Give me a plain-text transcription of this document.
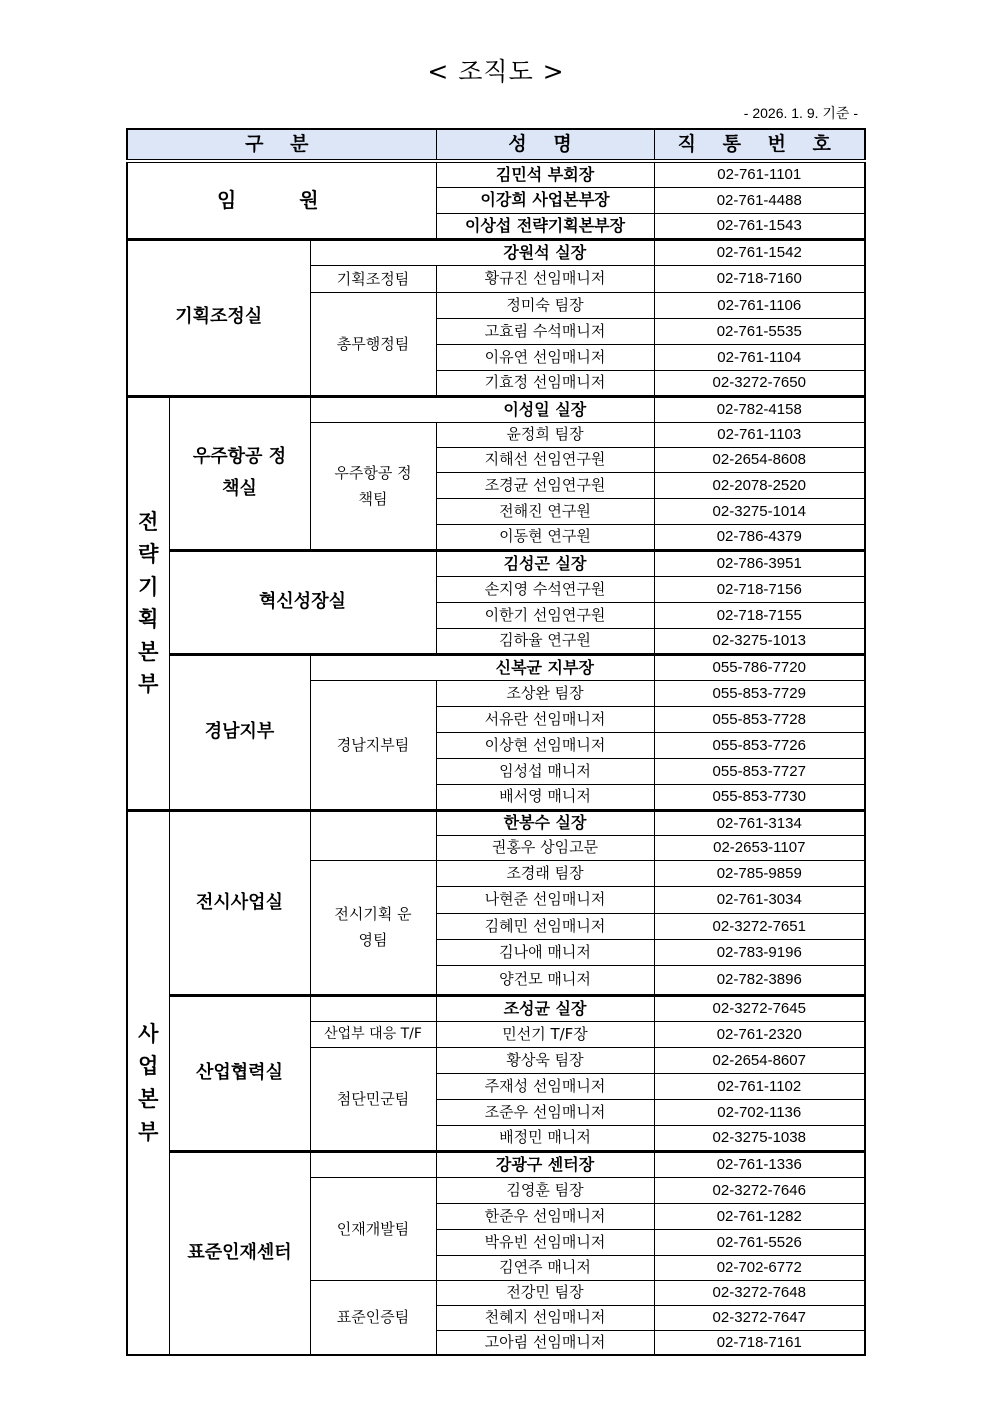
< 조직도 >
- 2026. 1. 9. 기준 -
구 분			성 명	직 통 번 호
임 원			김민석 부회장	02-761-1101
			이강희 사업본부장	02-761-4488
			이상섭 전략기획본부장	02-761-1543
기획조정실			강원석 실장	02-761-1542
		기획조정팀	황규진 선임매니저	02-718-7160
		총무행정팀	정미숙 팀장	02-761-1106
			고효림 수석매니저	02-761-5535
			이유연 선임매니저	02-761-1104
			기효정 선임매니저	02-3272-7650
전략기획본부	우주항공 정책실		이성일 실장	02-782-4158
		우주항공 정책팀	윤정희 팀장	02-761-1103
			지해선 선임연구원	02-2654-8608
			조경균 선임연구원	02-2078-2520
			전해진 연구원	02-3275-1014
			이동현 연구원	02-786-4379
	혁신성장실		김성곤 실장	02-786-3951
			손지영 수석연구원	02-718-7156
			이한기 선임연구원	02-718-7155
			김하율 연구원	02-3275-1013
	경남지부		신복균 지부장	055-786-7720
		경남지부팀	조상완 팀장	055-853-7729
			서유란 선임매니저	055-853-7728
			이상현 선임매니저	055-853-7726
			임성섭 매니저	055-853-7727
			배서영 매니저	055-853-7730
사업본부	전시사업실		한봉수 실장	02-761-3134
			권홍우 상임고문	02-2653-1107
		전시기획 운영팀	조경래 팀장	02-785-9859
			나현준 선임매니저	02-761-3034
			김혜민 선임매니저	02-3272-7651
			김나애 매니저	02-783-9196
			양건모 매니저	02-782-3896
	산업협력실		조성균 실장	02-3272-7645
		산업부 대응 T/F	민선기 T/F장	02-761-2320
		첨단민군팀	황상욱 팀장	02-2654-8607
			주재성 선임매니저	02-761-1102
			조준우 선임매니저	02-702-1136
			배정민 매니저	02-3275-1038
	표준인재센터		강광구 센터장	02-761-1336
		인재개발팀	김영훈 팀장	02-3272-7646
			한준우 선임매니저	02-761-1282
			박유빈 선임매니저	02-761-5526
			김연주 매니저	02-702-6772
		표준인증팀	전강민 팀장	02-3272-7648
			천혜지 선임매니저	02-3272-7647
			고아림 선임매니저	02-718-7161
